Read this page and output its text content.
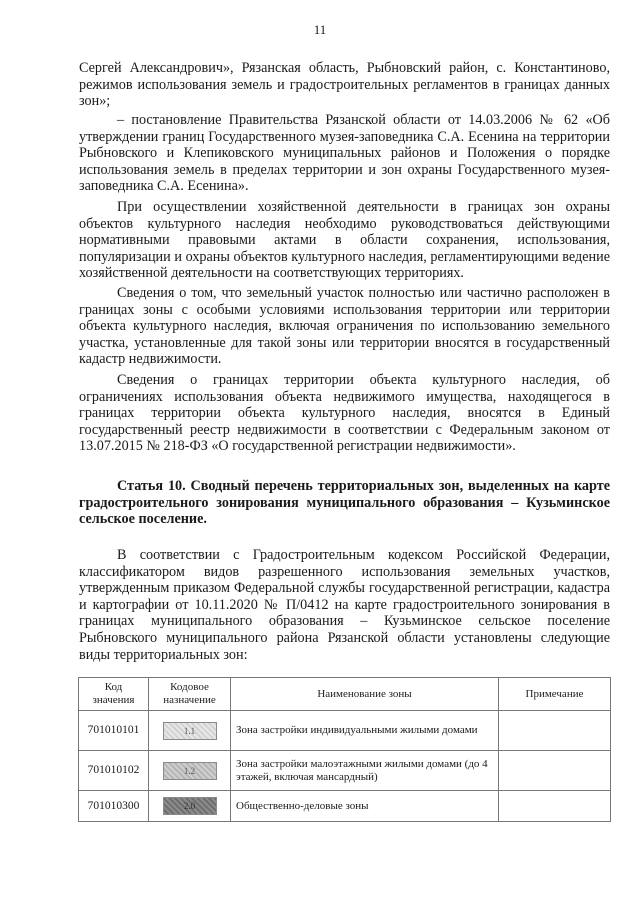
11

Сергей Александрович», Рязанская область, Рыбновский район, с. Константиново, режимов использования земель и градостроительных регламентов в границах данных зон»;

– постановление Правительства Рязанской области от 14.03.2006 № 62 «Об утверждении границ Государственного музея-заповедника С.А. Есенина на территории Рыбновского и Клепиковского муниципальных районов и Положения о порядке использования земель в пределах территории и зон охраны Государственного музея-заповедника С.А. Есенина».

При осуществлении хозяйственной деятельности в границах зон охраны объектов культурного наследия необходимо руководствоваться действующими нормативными правовыми актами в области сохранения, использования, популяризации и охраны объектов культурного наследия, регламентирующими ведение хозяйственной деятельности на соответствующих территориях.

Сведения о том, что земельный участок полностью или частично расположен в границах зоны с особыми условиями использования территории или территории объекта культурного наследия, включая ограничения по использованию земельного участка, установленные для такой зоны или территории вносятся в государственный кадастр недвижимости.

Сведения о границах территории объекта культурного наследия, об ограничениях использования объекта недвижимого имущества, находящегося в границах территории объекта культурного наследия, вносятся в Единый государственный реестр недвижимости в соответствии с Федеральным законом от 13.07.2015 № 218-ФЗ «О государственной регистрации недвижимости».

Статья 10. Сводный перечень территориальных зон, выделенных на карте градостроительного зонирования муниципального образования – Кузьминское сельское поселение.

В соответствии с Градостроительным кодексом Российской Федерации, классификатором видов разрешенного использования земельных участков, утвержденным приказом Федеральной службы государственной регистрации, кадастра и картографии от 10.11.2020 № П/0412 на карте градостроительного зонирования в границах муниципального образования – Кузьминское сельское поселение Рыбновского муниципального района Рязанской области установлены следующие виды территориальных зон:

Код значения	Кодовое назначение	Наименование зоны	Примечание
701010101	1.1	Зона застройки индивидуальными жилыми домами	
701010102	1.2	Зона застройки малоэтажными жилыми домами (до 4 этажей, включая мансардный)	
701010300	2.0	Общественно-деловые зоны	
